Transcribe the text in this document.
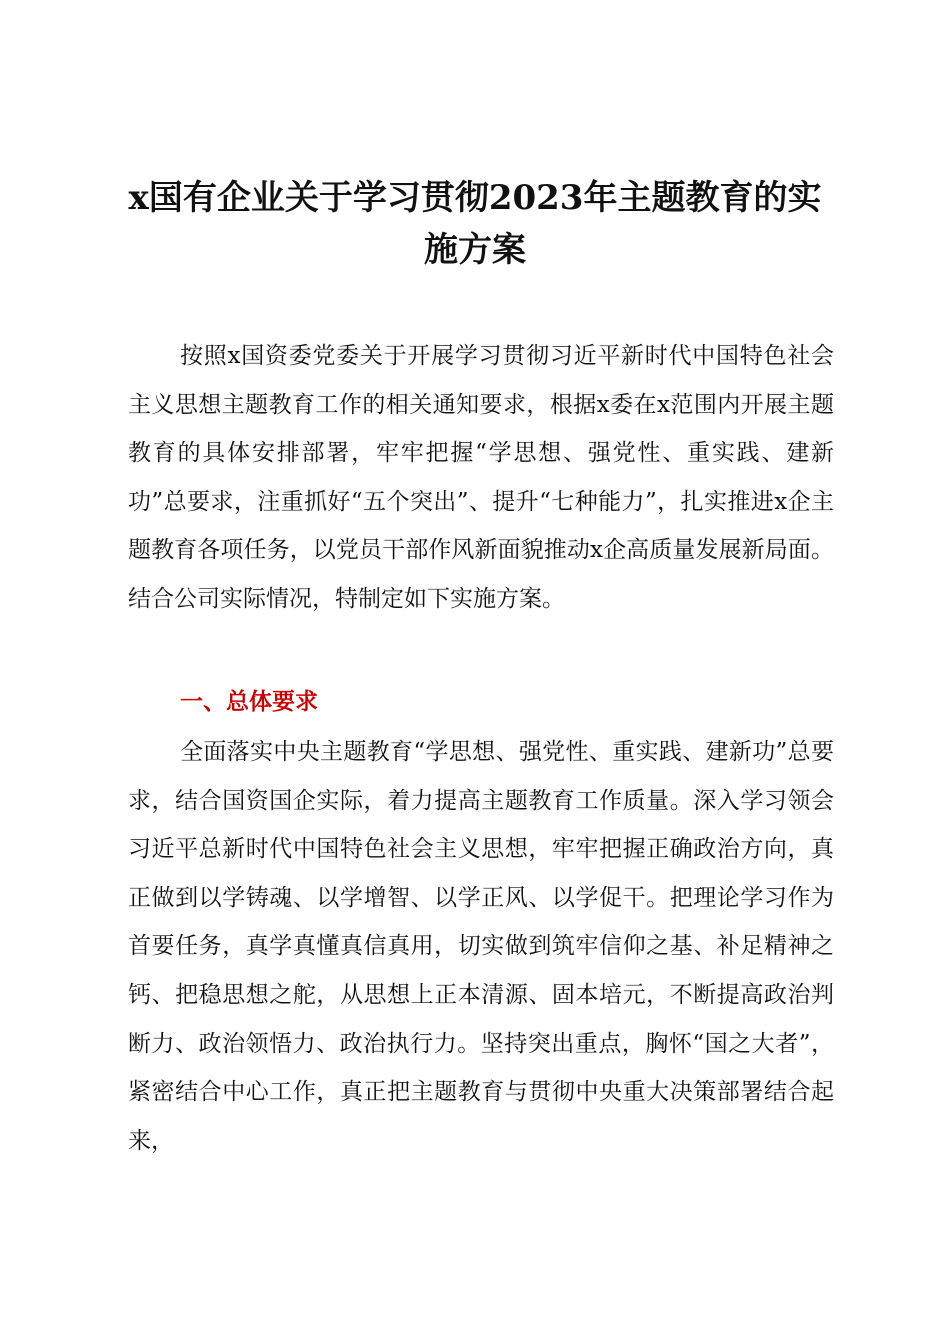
x国有企业关于学习贯彻2023年主题教育的实施方案

按照x国资委党委关于开展学习贯彻习近平新时代中国特色社会主义思想主题教育工作的相关通知要求，根据x委在x范围内开展主题教育的具体安排部署，牢牢把握“学思想、强党性、重实践、建新功”总要求，注重抓好“五个突出”、提升“七种能力”，扎实推进x企主题教育各项任务，以党员干部作风新面貌推动x企高质量发展新局面。结合公司实际情况，特制定如下实施方案。

一、总体要求

全面落实中央主题教育“学思想、强党性、重实践、建新功”总要求，结合国资国企实际，着力提高主题教育工作质量。深入学习领会习近平总新时代中国特色社会主义思想，牢牢把握正确政治方向，真正做到以学铸魂、以学增智、以学正风、以学促干。把理论学习作为首要任务，真学真懂真信真用，切实做到筑牢信仰之基、补足精神之钙、把稳思想之舵，从思想上正本清源、固本培元，不断提高政治判断力、政治领悟力、政治执行力。坚持突出重点，胸怀“国之大者”，紧密结合中心工作，真正把主题教育与贯彻中央重大决策部署结合起来，
